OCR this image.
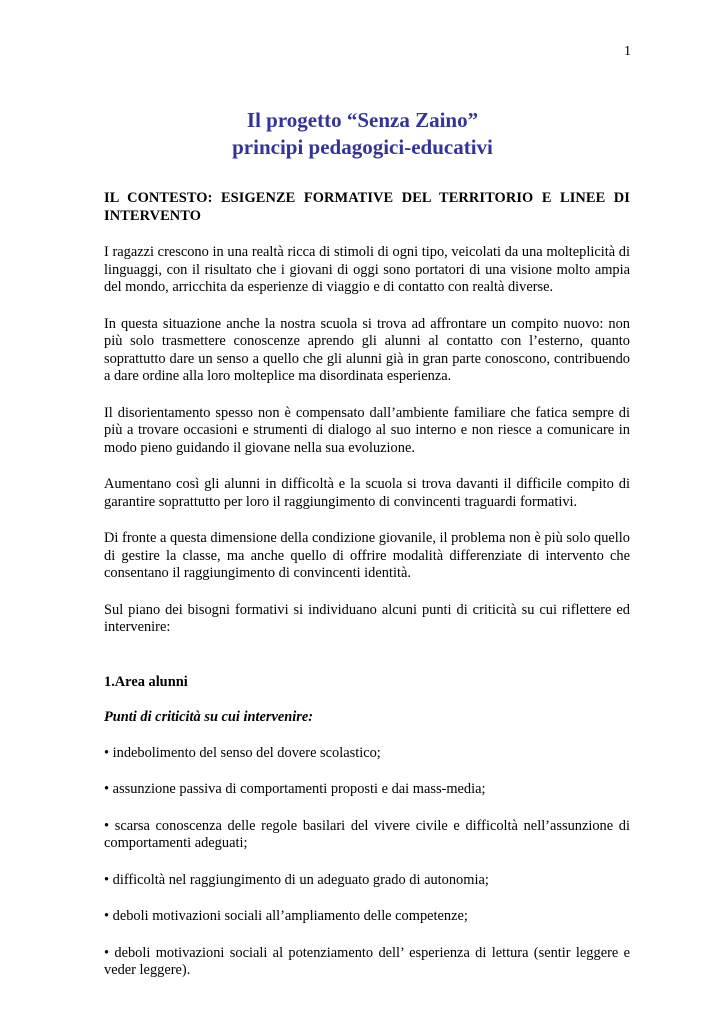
1
Il progetto “Senza Zaino”
principi pedagogici-educativi

IL CONTESTO: ESIGENZE FORMATIVE DEL TERRITORIO E LINEE DI INTERVENTO

I ragazzi crescono in una realtà ricca di stimoli di ogni tipo, veicolati da una molteplicità di linguaggi, con il risultato che i giovani di oggi sono portatori di una visione molto ampia del mondo, arricchita da esperienze di viaggio e di contatto con realtà diverse.

In questa situazione anche la nostra scuola si trova ad affrontare un compito nuovo: non più solo trasmettere conoscenze aprendo gli alunni al contatto con l’esterno, quanto soprattutto dare un senso a quello che gli alunni già in gran parte conoscono, contribuendo a dare ordine alla loro molteplice ma disordinata esperienza.

Il disorientamento spesso non è compensato dall’ambiente familiare che fatica sempre di più a trovare occasioni e strumenti di dialogo al suo interno e non riesce a comunicare in modo pieno guidando il giovane nella sua evoluzione.

Aumentano così gli alunni in difficoltà e la scuola si trova davanti il difficile compito di garantire soprattutto per loro il raggiungimento di convincenti traguardi formativi.

Di fronte a questa dimensione della condizione giovanile, il problema non è più solo quello di gestire la classe, ma anche quello di offrire modalità differenziate di intervento che consentano il raggiungimento di convincenti identità.

Sul piano dei bisogni formativi si individuano alcuni punti di criticità su cui riflettere ed intervenire:

1.Area alunni

Punti di criticità su cui intervenire:

• indebolimento del senso del dovere scolastico;

• assunzione passiva di comportamenti proposti e dai mass-media;

• scarsa conoscenza delle regole basilari del vivere civile e difficoltà nell’assunzione di comportamenti adeguati;

• difficoltà nel raggiungimento di un adeguato grado di autonomia;

• deboli motivazioni sociali all’ampliamento delle competenze;

• deboli motivazioni sociali al potenziamento dell’ esperienza di lettura (sentir leggere e veder leggere).
